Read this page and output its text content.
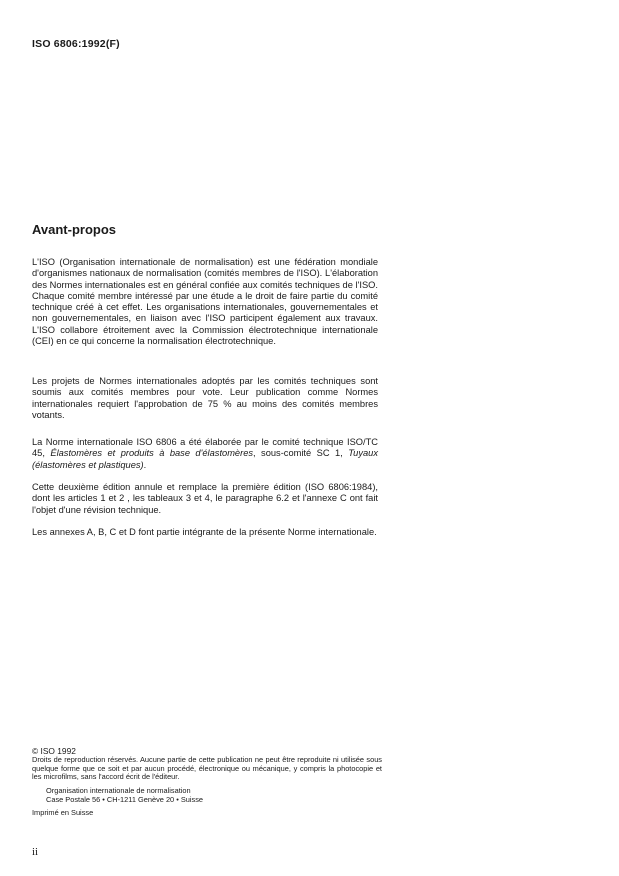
ISO 6806:1992(F)
Avant-propos

L'ISO (Organisation internationale de normalisation) est une fédération mondiale d'organismes nationaux de normalisation (comités membres de l'ISO). L'élaboration des Normes internationales est en général confiée aux comités techniques de l'ISO. Chaque comité membre intéressé par une étude a le droit de faire partie du comité technique créé à cet effet. Les organisations internationales, gouvernementales et non gouvernementales, en liaison avec l'ISO participent également aux travaux. L'ISO collabore étroitement avec la Commission électrotechnique internationale (CEI) en ce qui concerne la normalisation électrotechnique.

Les projets de Normes internationales adoptés par les comités techniques sont soumis aux comités membres pour vote. Leur publication comme Normes internationales requiert l'approbation de 75 % au moins des comités membres votants.

La Norme internationale ISO 6806 a été élaborée par le comité technique ISO/TC 45, Élastomères et produits à base d'élastomères, sous-comité SC 1, Tuyaux (élastomères et plastiques).

Cette deuxième édition annule et remplace la première édition (ISO 6806:1984), dont les articles 1 et 2 , les tableaux 3 et 4, le paragraphe 6.2 et l'annexe C ont fait l'objet d'une révision technique.

Les annexes A, B, C et D font partie intégrante de la présente Norme internationale.

© ISO 1992
Droits de reproduction réservés. Aucune partie de cette publication ne peut être reproduite ni utilisée sous quelque forme que ce soit et par aucun procédé, électronique ou mécanique, y compris la photocopie et les microfilms, sans l'accord écrit de l'éditeur.
Organisation internationale de normalisation
Case Postale 56 • CH-1211 Genève 20 • Suisse
Imprimé en Suisse
ii
